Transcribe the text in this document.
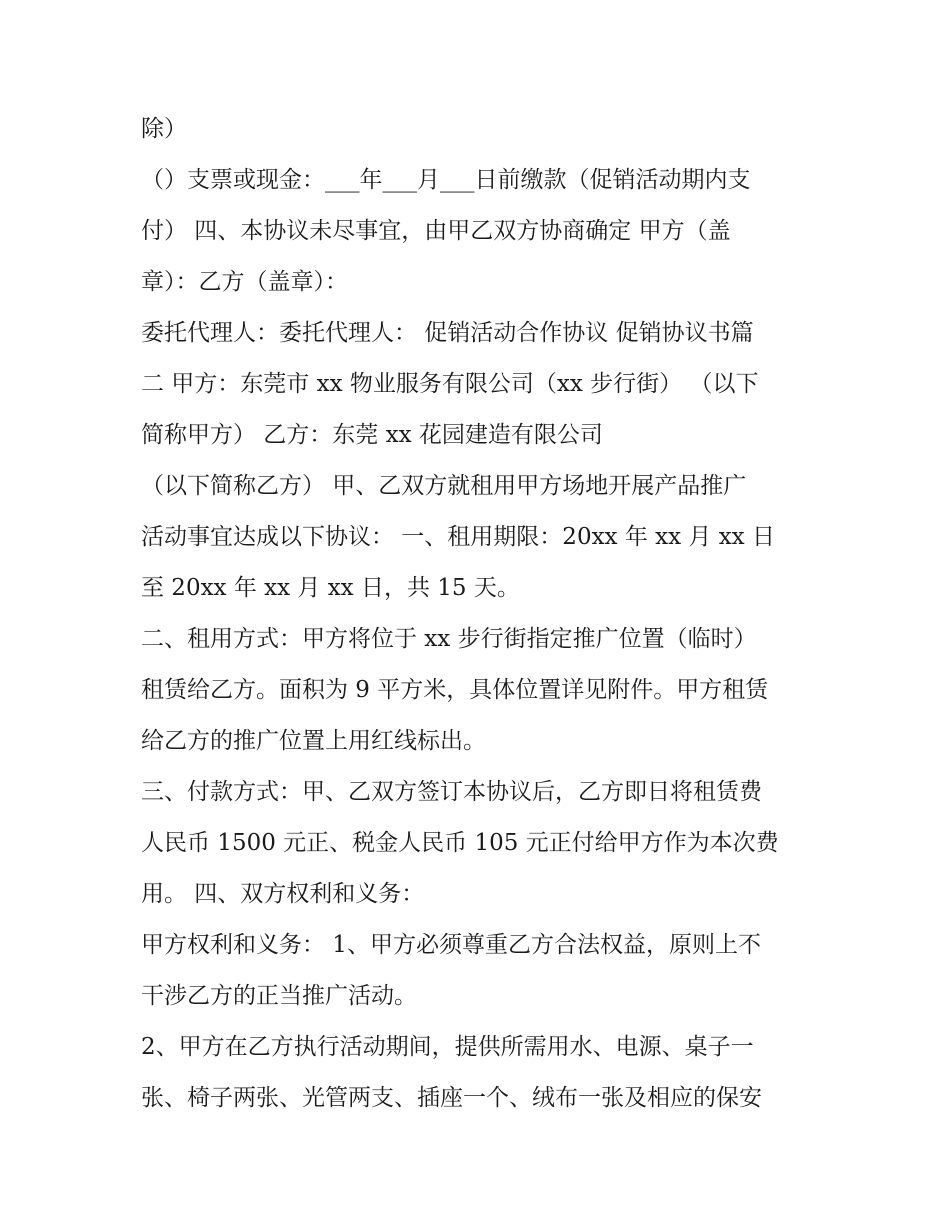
除）
（）支票或现金：___年___月___日前缴款（促销活动期内支
付） 四、本协议未尽事宜，由甲乙双方协商确定 甲方（盖
章）：乙方（盖章）：
委托代理人：委托代理人： 促销活动合作协议 促销协议书篇
二 甲方：东莞市 xx 物业服务有限公司（xx 步行街） （以下
简称甲方） 乙方：东莞 xx 花园建造有限公司
（以下简称乙方） 甲、乙双方就租用甲方场地开展产品推广
活动事宜达成以下协议： 一、租用期限：20xx 年 xx 月 xx 日
至 20xx 年 xx 月 xx 日，共 15 天。
二、租用方式：甲方将位于 xx 步行街指定推广位置（临时）
租赁给乙方。面积为 9 平方米，具体位置详见附件。甲方租赁
给乙方的推广位置上用红线标出。
三、付款方式：甲、乙双方签订本协议后，乙方即日将租赁费
人民币 1500 元正、税金人民币 105 元正付给甲方作为本次费
用。 四、双方权利和义务：
甲方权利和义务： 1、甲方必须尊重乙方合法权益，原则上不
干涉乙方的正当推广活动。
2、甲方在乙方执行活动期间，提供所需用水、电源、桌子一
张、椅子两张、光管两支、插座一个、绒布一张及相应的保安
